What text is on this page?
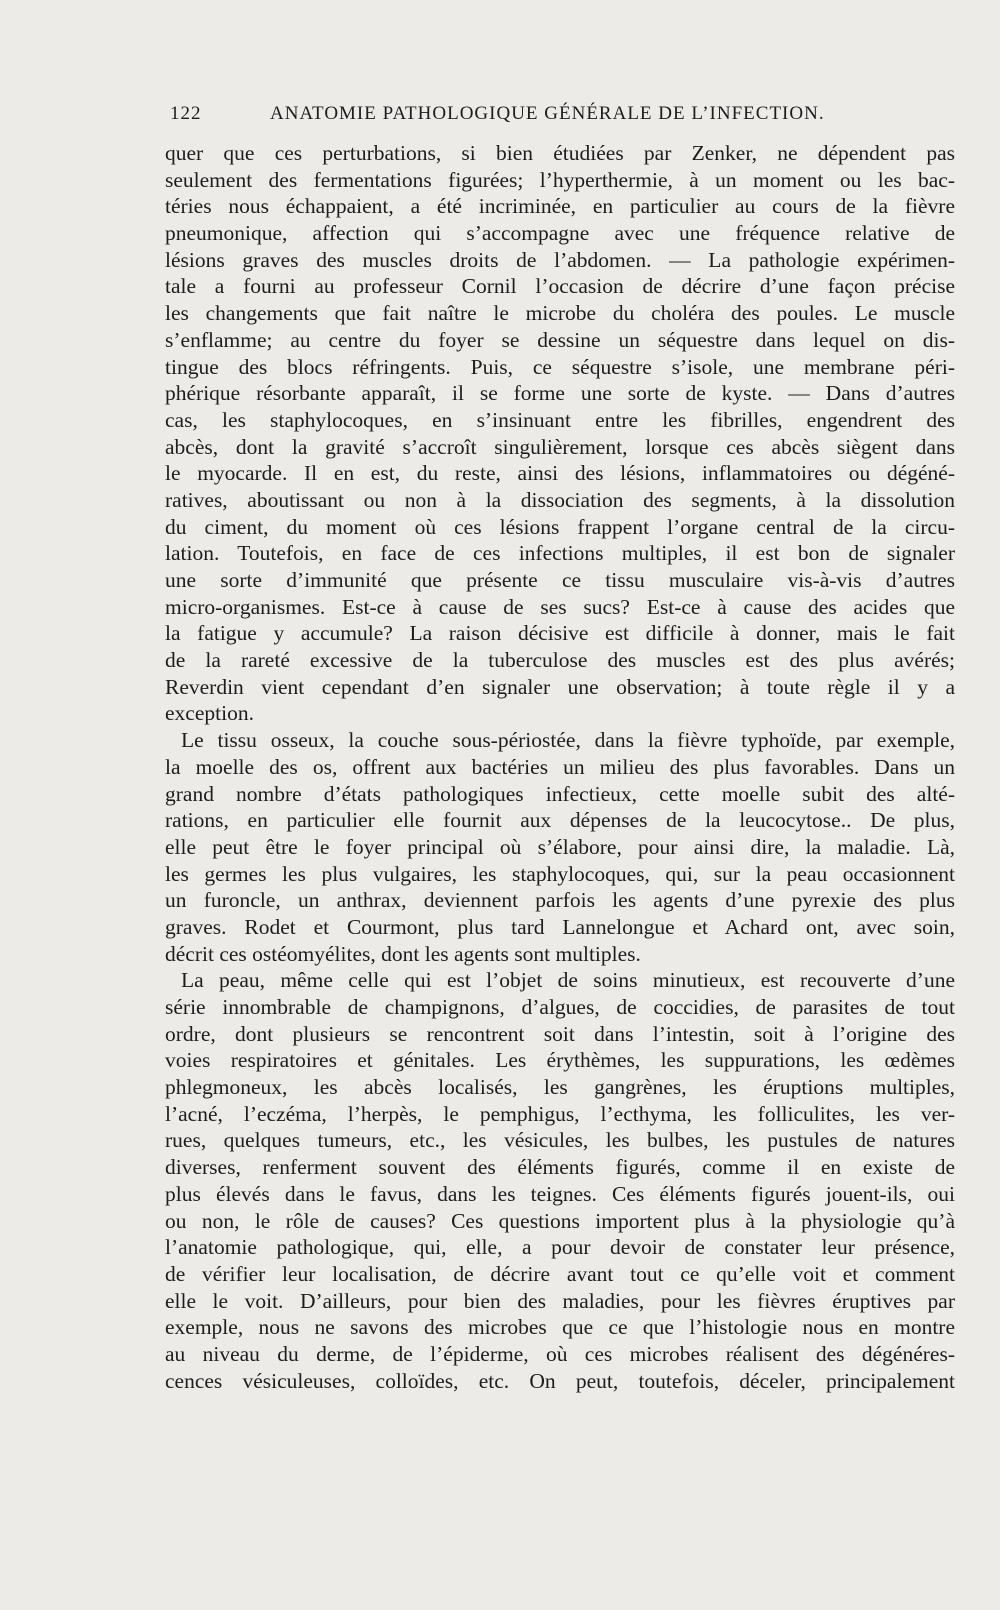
122	ANATOMIE PATHOLOGIQUE GÉNÉRALE DE L’INFECTION.
quer que ces perturbations, si bien étudiées par Zenker, ne dépendent pas
seulement des fermentations figurées; l’hyperthermie, à un moment ou les bac-
téries nous échappaient, a été incriminée, en particulier au cours de la fièvre
pneumonique, affection qui s’accompagne avec une fréquence relative de
lésions graves des muscles droits de l’abdomen. — La pathologie expérimen-
tale a fourni au professeur Cornil l’occasion de décrire d’une façon précise
les changements que fait naître le microbe du choléra des poules. Le muscle
s’enflamme; au centre du foyer se dessine un séquestre dans lequel on dis-
tingue des blocs réfringents. Puis, ce séquestre s’isole, une membrane péri-
phérique résorbante apparaît, il se forme une sorte de kyste. — Dans d’autres
cas, les staphylocoques, en s’insinuant entre les fibrilles, engendrent des
abcès, dont la gravité s’accroît singulièrement, lorsque ces abcès siègent dans
le myocarde. Il en est, du reste, ainsi des lésions, inflammatoires ou dégéné-
ratives, aboutissant ou non à la dissociation des segments, à la dissolution
du ciment, du moment où ces lésions frappent l’organe central de la circu-
lation. Toutefois, en face de ces infections multiples, il est bon de signaler
une sorte d’immunité que présente ce tissu musculaire vis-à-vis d’autres
micro-organismes. Est-ce à cause de ses sucs? Est-ce à cause des acides que
la fatigue y accumule? La raison décisive est difficile à donner, mais le fait
de la rareté excessive de la tuberculose des muscles est des plus avérés;
Reverdin vient cependant d’en signaler une observation; à toute règle il y a
exception.
Le tissu osseux, la couche sous-périostée, dans la fièvre typhoïde, par exemple,
la moelle des os, offrent aux bactéries un milieu des plus favorables. Dans un
grand nombre d’états pathologiques infectieux, cette moelle subit des alté-
rations, en particulier elle fournit aux dépenses de la leucocytose.. De plus,
elle peut être le foyer principal où s’élabore, pour ainsi dire, la maladie. Là,
les germes les plus vulgaires, les staphylocoques, qui, sur la peau occasionnent
un furoncle, un anthrax, deviennent parfois les agents d’une pyrexie des plus
graves. Rodet et Courmont, plus tard Lannelongue et Achard ont, avec soin,
décrit ces ostéomyélites, dont les agents sont multiples.
La peau, même celle qui est l’objet de soins minutieux, est recouverte d’une
série innombrable de champignons, d’algues, de coccidies, de parasites de tout
ordre, dont plusieurs se rencontrent soit dans l’intestin, soit à l’origine des
voies respiratoires et génitales. Les érythèmes, les suppurations, les œdèmes
phlegmoneux, les abcès localisés, les gangrènes, les éruptions multiples,
l’acné, l’eczéma, l’herpès, le pemphigus, l’ecthyma, les folliculites, les ver-
rues, quelques tumeurs, etc., les vésicules, les bulbes, les pustules de natures
diverses, renferment souvent des éléments figurés, comme il en existe de
plus élevés dans le favus, dans les teignes. Ces éléments figurés jouent-ils, oui
ou non, le rôle de causes? Ces questions importent plus à la physiologie qu’à
l’anatomie pathologique, qui, elle, a pour devoir de constater leur présence,
de vérifier leur localisation, de décrire avant tout ce qu’elle voit et comment
elle le voit. D’ailleurs, pour bien des maladies, pour les fièvres éruptives par
exemple, nous ne savons des microbes que ce que l’histologie nous en montre
au niveau du derme, de l’épiderme, où ces microbes réalisent des dégénéres-
cences vésiculeuses, colloïdes, etc. On peut, toutefois, déceler, principalement
